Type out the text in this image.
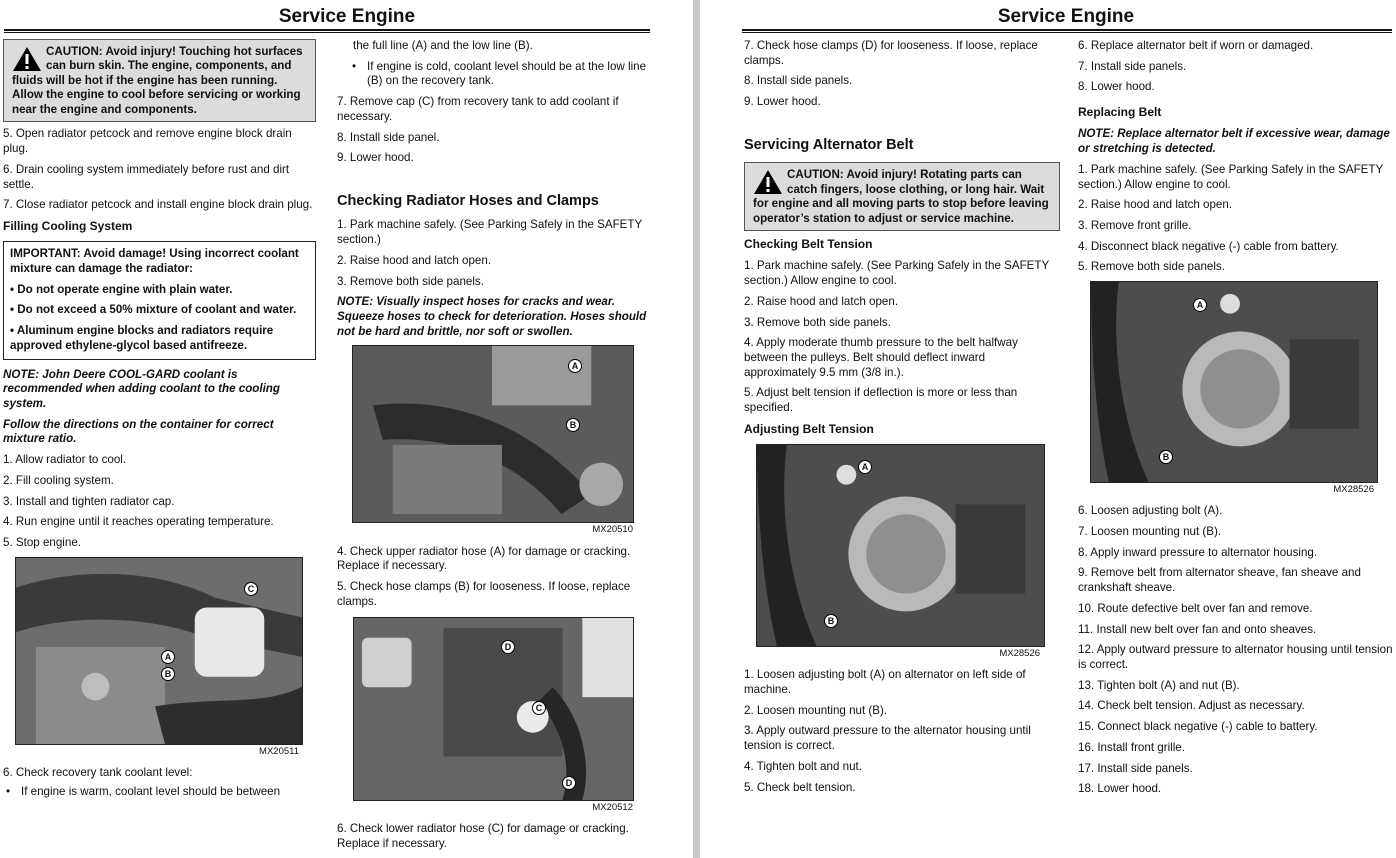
Service Engine
CAUTION: Avoid injury! Touching hot surfaces can burn skin. The engine, components, and fluids will be hot if the engine has been running. Allow the engine to cool before servicing or working near the engine and components.

5. Open radiator petcock and remove engine block drain plug.

6. Drain cooling system immediately before rust and dirt settle.

7. Close radiator petcock and install engine block drain plug.

Filling Cooling System

IMPORTANT: Avoid damage! Using incorrect coolant mixture can damage the radiator:

• Do not operate engine with plain water.

• Do not exceed a 50% mixture of coolant and water.

• Aluminum engine blocks and radiators require approved ethylene-glycol based antifreeze.

NOTE: John Deere COOL-GARD coolant is recommended when adding coolant to the cooling system.

Follow the directions on the container for correct mixture ratio.

1. Allow radiator to cool.

2. Fill cooling system.

3. Install and tighten radiator cap.

4. Run engine until it reaches operating temperature.

5. Stop engine.

C
A
B
MX20511

6. Check recovery tank coolant level:

• If engine is warm, coolant level should be between

the full line (A) and the low line (B).

• If engine is cold, coolant level should be at the low line (B) on the recovery tank.

7. Remove cap (C) from recovery tank to add coolant if necessary.

8. Install side panel.

9. Lower hood.

Checking Radiator Hoses and Clamps

1. Park machine safely. (See Parking Safely in the SAFETY section.)

2. Raise hood and latch open.

3. Remove both side panels.

NOTE: Visually inspect hoses for cracks and wear. Squeeze hoses to check for deterioration. Hoses should not be hard and brittle, nor soft or swollen.

A
B
MX20510

4. Check upper radiator hose (A) for damage or cracking. Replace if necessary.

5. Check hose clamps (B) for looseness. If loose, replace clamps.

D
C
D
MX20512

6. Check lower radiator hose (C) for damage or cracking. Replace if necessary.

Service Engine

7. Check hose clamps (D) for looseness. If loose, replace clamps.

8. Install side panels.

9. Lower hood.

Servicing Alternator Belt
CAUTION: Avoid injury! Rotating parts can catch fingers, loose clothing, or long hair. Wait for engine and all moving parts to stop before leaving operator’s station to adjust or service machine.
Checking Belt Tension

1. Park machine safely. (See Parking Safely in the SAFETY section.) Allow engine to cool.

2. Raise hood and latch open.

3. Remove both side panels.

4. Apply moderate thumb pressure to the belt halfway between the pulleys. Belt should deflect inward approximately 9.5 mm (3/8 in.).

5. Adjust belt tension if deflection is more or less than specified.

Adjusting Belt Tension
A
B
MX28526

1. Loosen adjusting bolt (A) on alternator on left side of machine.

2. Loosen mounting nut (B).

3. Apply outward pressure to the alternator housing until tension is correct.

4. Tighten bolt and nut.

5. Check belt tension.

6. Replace alternator belt if worn or damaged.

7. Install side panels.

8. Lower hood.

Replacing Belt

NOTE: Replace alternator belt if excessive wear, damage or stretching is detected.

1. Park machine safely. (See Parking Safely in the SAFETY section.) Allow engine to cool.

2. Raise hood and latch open.

3. Remove front grille.

4. Disconnect black negative (-) cable from battery.

5. Remove both side panels.

A
B
MX28526

6. Loosen adjusting bolt (A).

7. Loosen mounting nut (B).

8. Apply inward pressure to alternator housing.

9. Remove belt from alternator sheave, fan sheave and crankshaft sheave.

10. Route defective belt over fan and remove.

11. Install new belt over fan and onto sheaves.

12. Apply outward pressure to alternator housing until tension is correct.

13. Tighten bolt (A) and nut (B).

14. Check belt tension. Adjust as necessary.

15. Connect black negative (-) cable to battery.

16. Install front grille.

17. Install side panels.

18. Lower hood.
